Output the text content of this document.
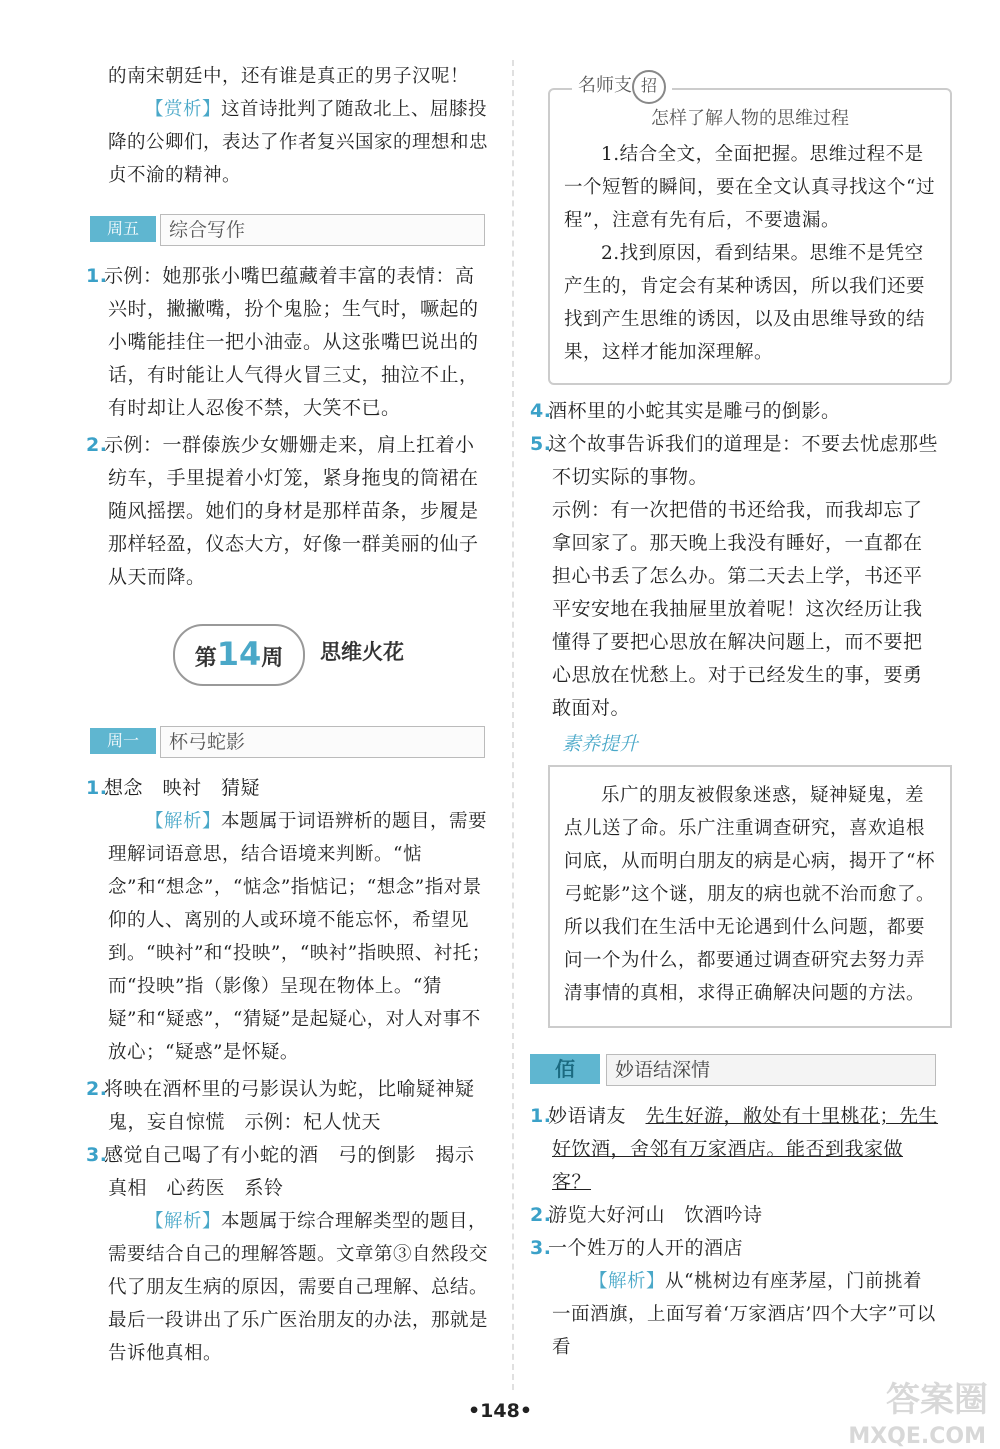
的南宋朝廷中，还有谁是真正的男子汉呢！

【赏析】这首诗批判了随敌北上、屈膝投降的公卿们，表达了作者复兴国家的理想和忠贞不渝的精神。

周五	综合写作

1.示例：她那张小嘴巴蕴藏着丰富的表情：高兴时，撇撇嘴，扮个鬼脸；生气时，噘起的小嘴能挂住一把小油壶。从这张嘴巴说出的话，有时能让人气得火冒三丈，抽泣不止，有时却让人忍俊不禁，大笑不已。

2.示例：一群傣族少女姗姗走来，肩上扛着小纺车，手里提着小灯笼，紧身拖曳的筒裙在随风摇摆。她们的身材是那样苗条，步履是那样轻盈，仪态大方，好像一群美丽的仙子从天而降。

第14周	思维火花
周一	杯弓蛇影

1.想念　映衬　猜疑

【解析】本题属于词语辨析的题目，需要理解词语意思，结合语境来判断。“惦念”和“想念”，“惦念”指惦记；“想念”指对景仰的人、离别的人或环境不能忘怀，希望见到。“映衬”和“投映”，“映衬”指映照、衬托；而“投映”指（影像）呈现在物体上。“猜疑”和“疑惑”，“猜疑”是起疑心，对人对事不放心；“疑惑”是怀疑。

2.将映在酒杯里的弓影误认为蛇，比喻疑神疑鬼，妄自惊慌　示例：杞人忧天

3.感觉自己喝了有小蛇的酒　弓的倒影　揭示真相　心药医　系铃

【解析】本题属于综合理解类型的题目，需要结合自己的理解答题。文章第③自然段交代了朋友生病的原因，需要自己理解、总结。最后一段讲出了乐广医治朋友的办法，那就是告诉他真相。

名师支 招
怎样了解人物的思维过程

1.结合全文，全面把握。思维过程不是一个短暂的瞬间，要在全文认真寻找这个“过程”，注意有先有后，不要遗漏。

2.找到原因，看到结果。思维不是凭空产生的，肯定会有某种诱因，所以我们还要找到产生思维的诱因，以及由思维导致的结果，这样才能加深理解。

4.酒杯里的小蛇其实是雕弓的倒影。

5.这个故事告诉我们的道理是：不要去忧虑那些不切实际的事物。

示例：有一次把借的书还给我，而我却忘了拿回家了。那天晚上我没有睡好，一直都在担心书丢了怎么办。第二天去上学，书还平平安安地在我抽屉里放着呢！这次经历让我懂得了要把心思放在解决问题上，而不要把心思放在忧愁上。对于已经发生的事，要勇敢面对。

素养提升

乐广的朋友被假象迷惑，疑神疑鬼，差点儿送了命。乐广注重调查研究，喜欢追根问底，从而明白朋友的病是心病，揭开了“杯弓蛇影”这个谜，朋友的病也就不治而愈了。所以我们在生活中无论遇到什么问题，都要问一个为什么，都要通过调查研究去努力弄清事情的真相，求得正确解决问题的方法。

佰	妙语结深情

1.妙语请友　先生好游，敝处有十里桃花；先生好饮酒，舍邻有万家酒店。能否到我家做客？

2.游览大好河山　饮酒吟诗

3.一个姓万的人开的酒店

【解析】从“桃树边有座茅屋，门前挑着一面酒旗，上面写着‘万家酒店’四个大字”可以看

•148•	答案圈
MXQE.COM
